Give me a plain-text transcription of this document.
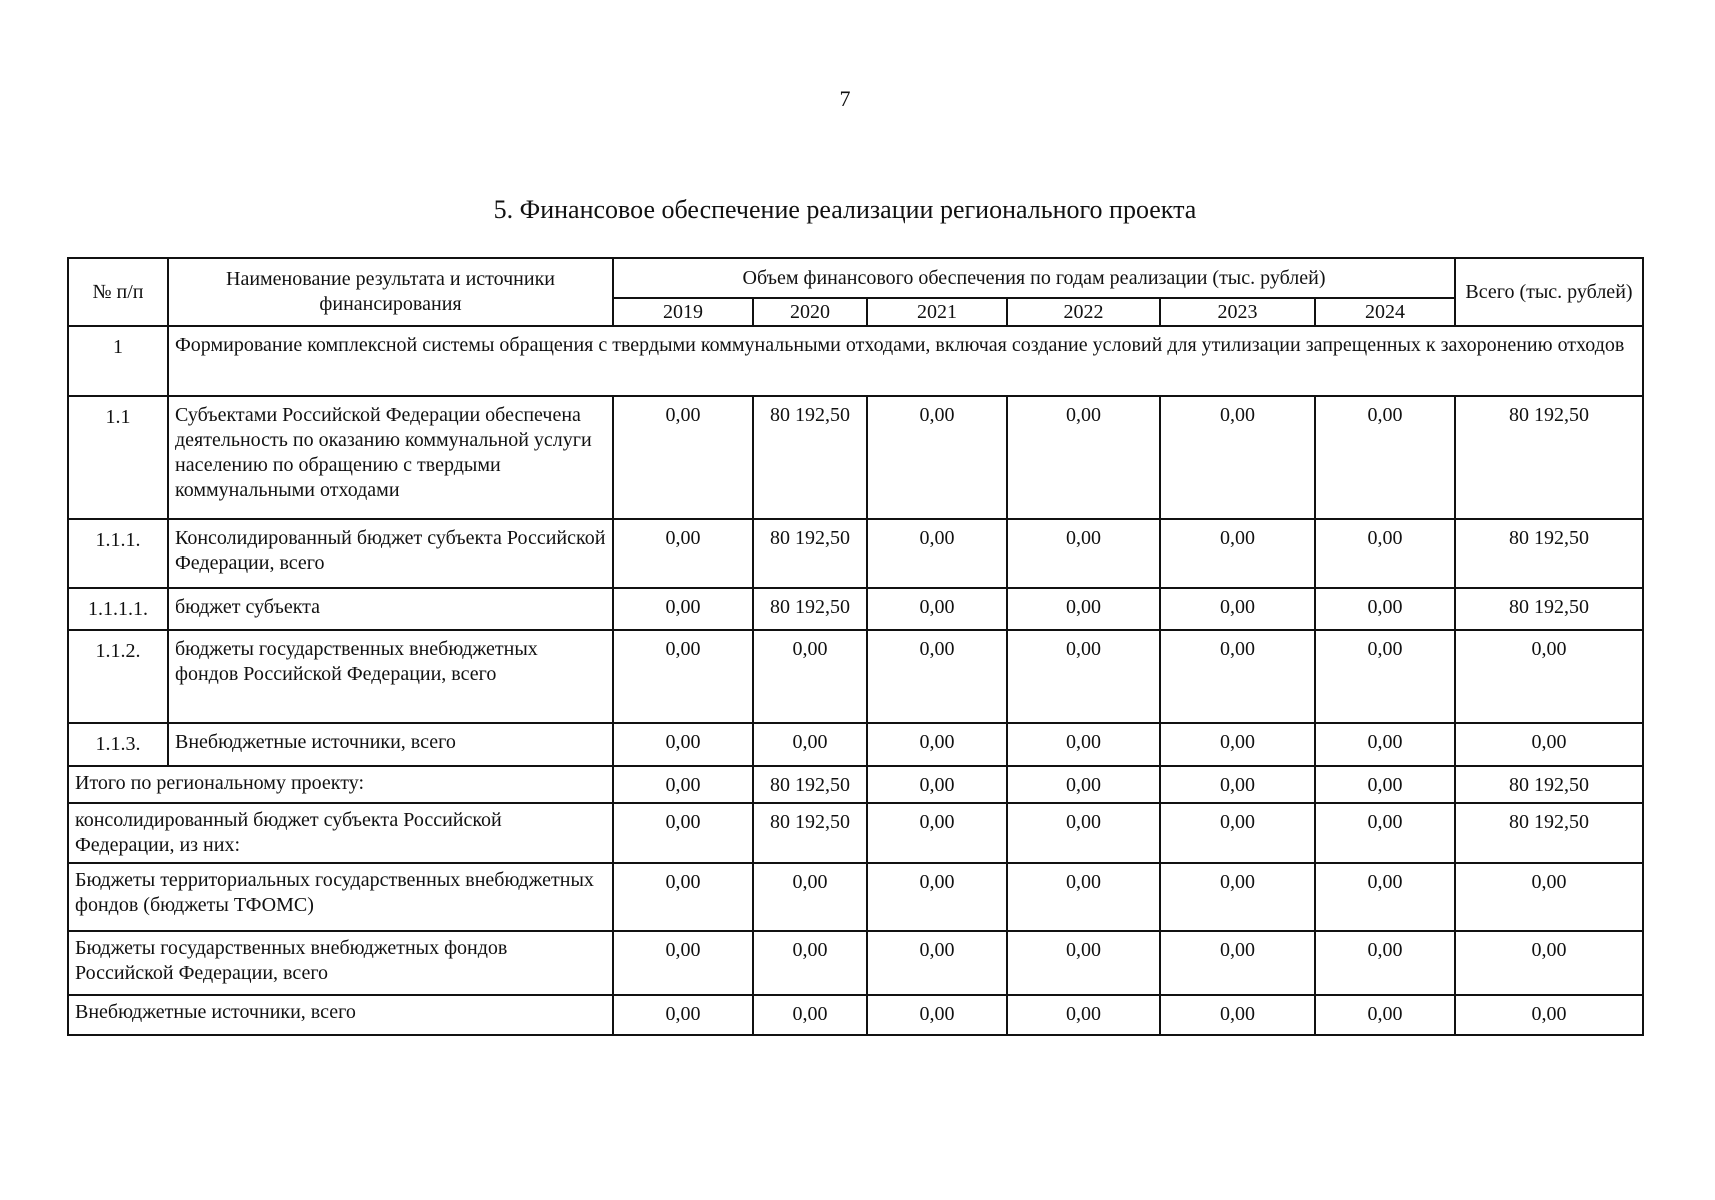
7
5. Финансовое обеспечение реализации регионального проекта
№ п/п	Наименование результата и источники финансирования	Объем финансового обеспечения по годам реализации (тыс. рублей)						Всего (тыс. рублей)
		2019	2020	2021	2022	2023	2024	
1	Формирование комплексной системы обращения с твердыми коммунальными отходами, включая создание условий для утилизации запрещенных к захоронению отходов							
1.1	Субъектами Российской Федерации обеспечена деятельность по оказанию коммунальной услуги населению по обращению с твердыми коммунальными отходами	0,00	80 192,50	0,00	0,00	0,00	0,00	80 192,50
1.1.1.	Консолидированный бюджет субъекта Российской Федерации, всего	0,00	80 192,50	0,00	0,00	0,00	0,00	80 192,50
1.1.1.1.	бюджет субъекта	0,00	80 192,50	0,00	0,00	0,00	0,00	80 192,50
1.1.2.	бюджеты государственных внебюджетных фондов Российской Федерации, всего	0,00	0,00	0,00	0,00	0,00	0,00	0,00
1.1.3.	Внебюджетные источники, всего	0,00	0,00	0,00	0,00	0,00	0,00	0,00
Итого по региональному проекту:		0,00	80 192,50	0,00	0,00	0,00	0,00	80 192,50
консолидированный бюджет субъекта Российской Федерации, из них:		0,00	80 192,50	0,00	0,00	0,00	0,00	80 192,50
Бюджеты территориальных государственных внебюджетных фондов (бюджеты ТФОМС)		0,00	0,00	0,00	0,00	0,00	0,00	0,00
Бюджеты государственных внебюджетных фондов Российской Федерации, всего		0,00	0,00	0,00	0,00	0,00	0,00	0,00
Внебюджетные источники, всего		0,00	0,00	0,00	0,00	0,00	0,00	0,00
